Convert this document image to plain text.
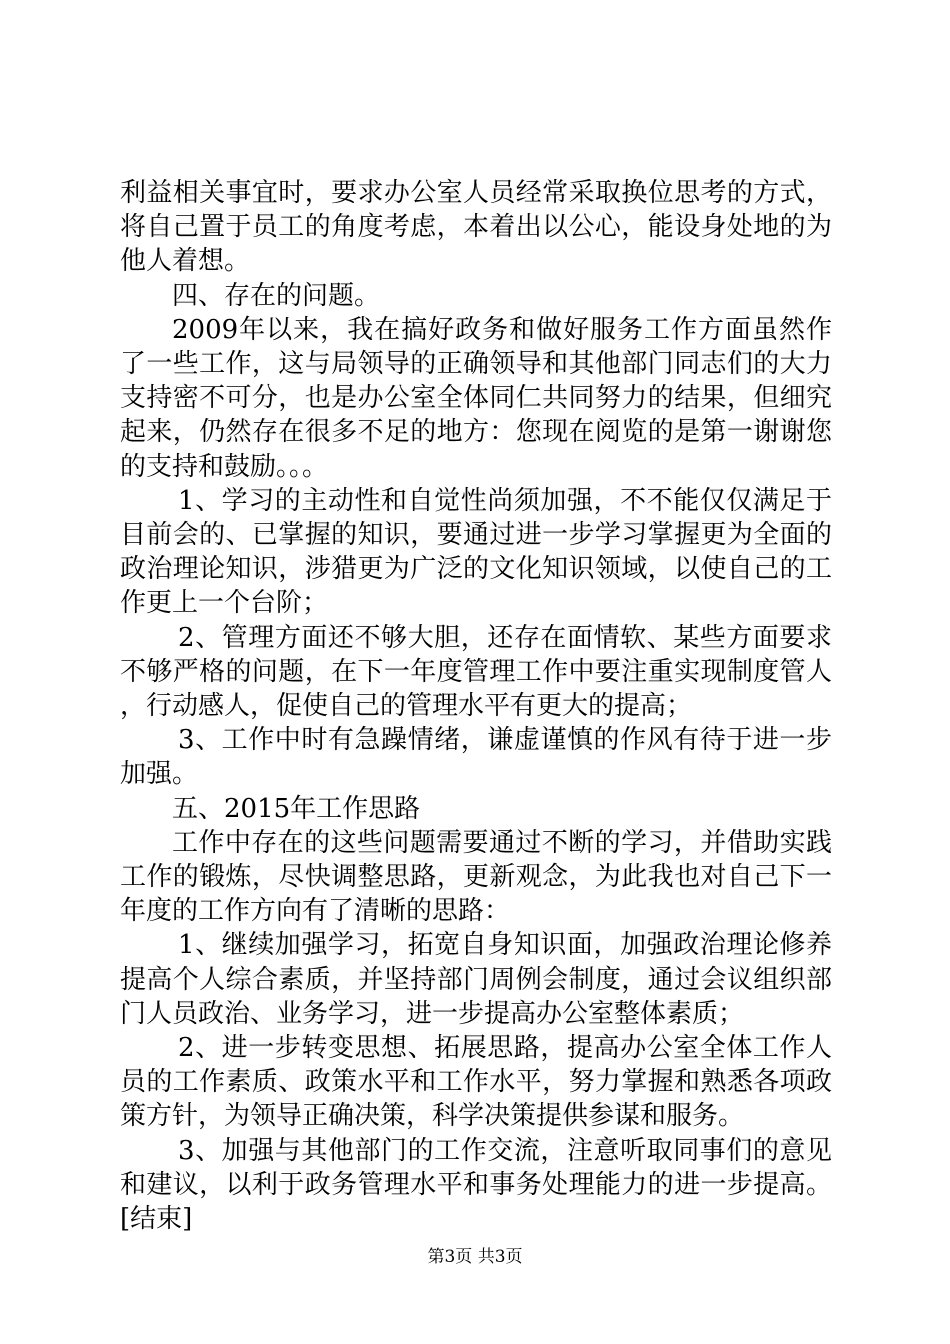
利益相关事宜时，要求办公室人员经常采取换位思考的方式，将自己置于员工的角度考虑，本着出以公心，能设身处地的为他人着想。

四、存在的问题。

2009年以来，我在搞好政务和做好服务工作方面虽然作了一些工作，这与局领导的正确领导和其他部门同志们的大力支持密不可分，也是办公室全体同仁共同努力的结果，但细究起来，仍然存在很多不足的地方：您现在阅览的是第一谢谢您的支持和鼓励。。。

1、学习的主动性和自觉性尚须加强，不不能仅仅满足于目前会的、已掌握的知识，要通过进一步学习掌握更为全面的政治理论知识，涉猎更为广泛的文化知识领域，以使自己的工作更上一个台阶；

2、管理方面还不够大胆，还存在面情软、某些方面要求不够严格的问题，在下一年度管理工作中要注重实现制度管人，行动感人，促使自己的管理水平有更大的提高；

3、工作中时有急躁情绪，谦虚谨慎的作风有待于进一步加强。

五、2015年工作思路

工作中存在的这些问题需要通过不断的学习，并借助实践工作的锻炼，尽快调整思路，更新观念，为此我也对自己下一年度的工作方向有了清晰的思路：

1、继续加强学习，拓宽自身知识面，加强政治理论修养提高个人综合素质，并坚持部门周例会制度，通过会议组织部门人员政治、业务学习，进一步提高办公室整体素质；

2、进一步转变思想、拓展思路，提高办公室全体工作人员的工作素质、政策水平和工作水平，努力掌握和熟悉各项政策方针，为领导正确决策，科学决策提供参谋和服务。

3、加强与其他部门的工作交流，注意听取同事们的意见和建议，以利于政务管理水平和事务处理能力的进一步提高。[结束]

第3页 共3页
